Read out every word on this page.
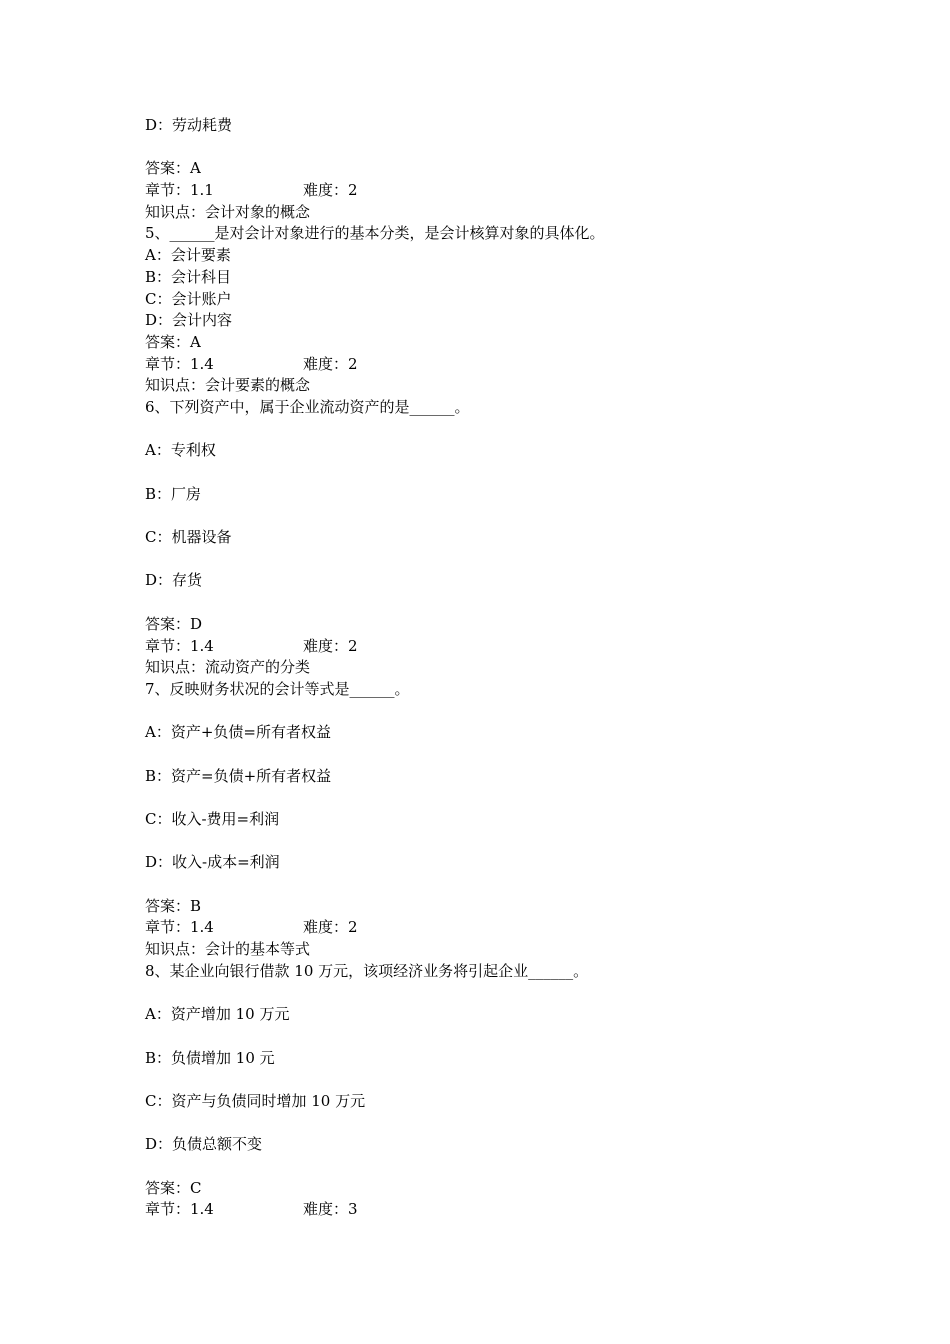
D：劳动耗费
答案：A
章节：1.1	难度：2
知识点：会计对象的概念
5、______是对会计对象进行的基本分类，是会计核算对象的具体化。
A：会计要素
B：会计科目
C：会计账户
D：会计内容
答案：A
章节：1.4	难度：2
知识点：会计要素的概念
6、下列资产中，属于企业流动资产的是______。
A：专利权
B：厂房
C：机器设备
D：存货
答案：D
章节：1.4	难度：2
知识点：流动资产的分类
7、反映财务状况的会计等式是______。
A：资产+负债=所有者权益
B：资产=负债+所有者权益
C：收入-费用=利润
D：收入-成本=利润
答案：B
章节：1.4	难度：2
知识点：会计的基本等式
8、某企业向银行借款 10 万元，该项经济业务将引起企业______。
A：资产增加 10 万元
B：负债增加 10 元
C：资产与负债同时增加 10 万元
D：负债总额不变
答案：C
章节：1.4	难度：3
